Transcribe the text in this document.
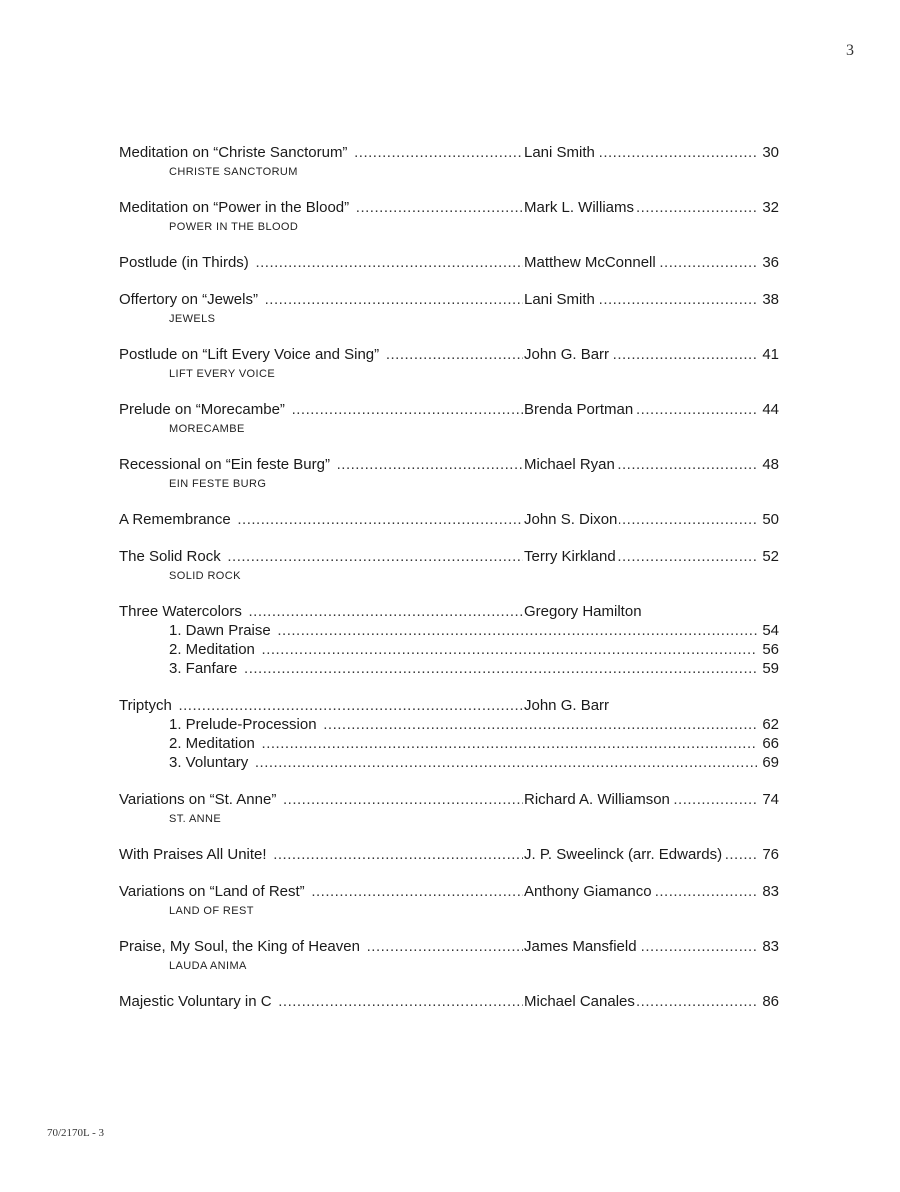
3
Meditation on “Christe Sanctorum” ..... .....	Lani Smith	30
CHRISTE SANCTORUM
Meditation on “Power in the Blood” ..... .....	Mark L. Williams	32
POWER IN THE BLOOD
Postlude (in Thirds) ..... .....	Matthew McConnell	36
Offertory on “Jewels” ..... .....	Lani Smith	38
JEWELS
Postlude on “Lift Every Voice and Sing” ..... .....	John G. Barr	41
LIFT EVERY VOICE
Prelude on “Morecambe” ..... .....	Brenda Portman	44
MORECAMBE
Recessional on “Ein feste Burg” ..... .....	Michael Ryan	48
EIN FESTE BURG
A Remembrance ..... .....	John S. Dixon	50
The Solid Rock ..... .....	Terry Kirkland	52
SOLID ROCK
Three Watercolors .....	Gregory Hamilton
1. Dawn Praise .....	54
2. Meditation .....	56
3. Fanfare .....	59
Triptych .....	John G. Barr
1. Prelude-Procession .....	62
2. Meditation .....	66
3. Voluntary .....	69
Variations on “St. Anne” ..... .....	Richard A. Williamson	74
ST. ANNE
With Praises All Unite! ..... .....	J. P. Sweelinck (arr. Edwards)	76
Variations on “Land of Rest” ..... .....	Anthony Giamanco	83
LAND OF REST
Praise, My Soul, the King of Heaven ..... .....	James Mansfield	83
LAUDA ANIMA
Majestic Voluntary in C ..... .....	Michael Canales	86
70/2170L - 3
